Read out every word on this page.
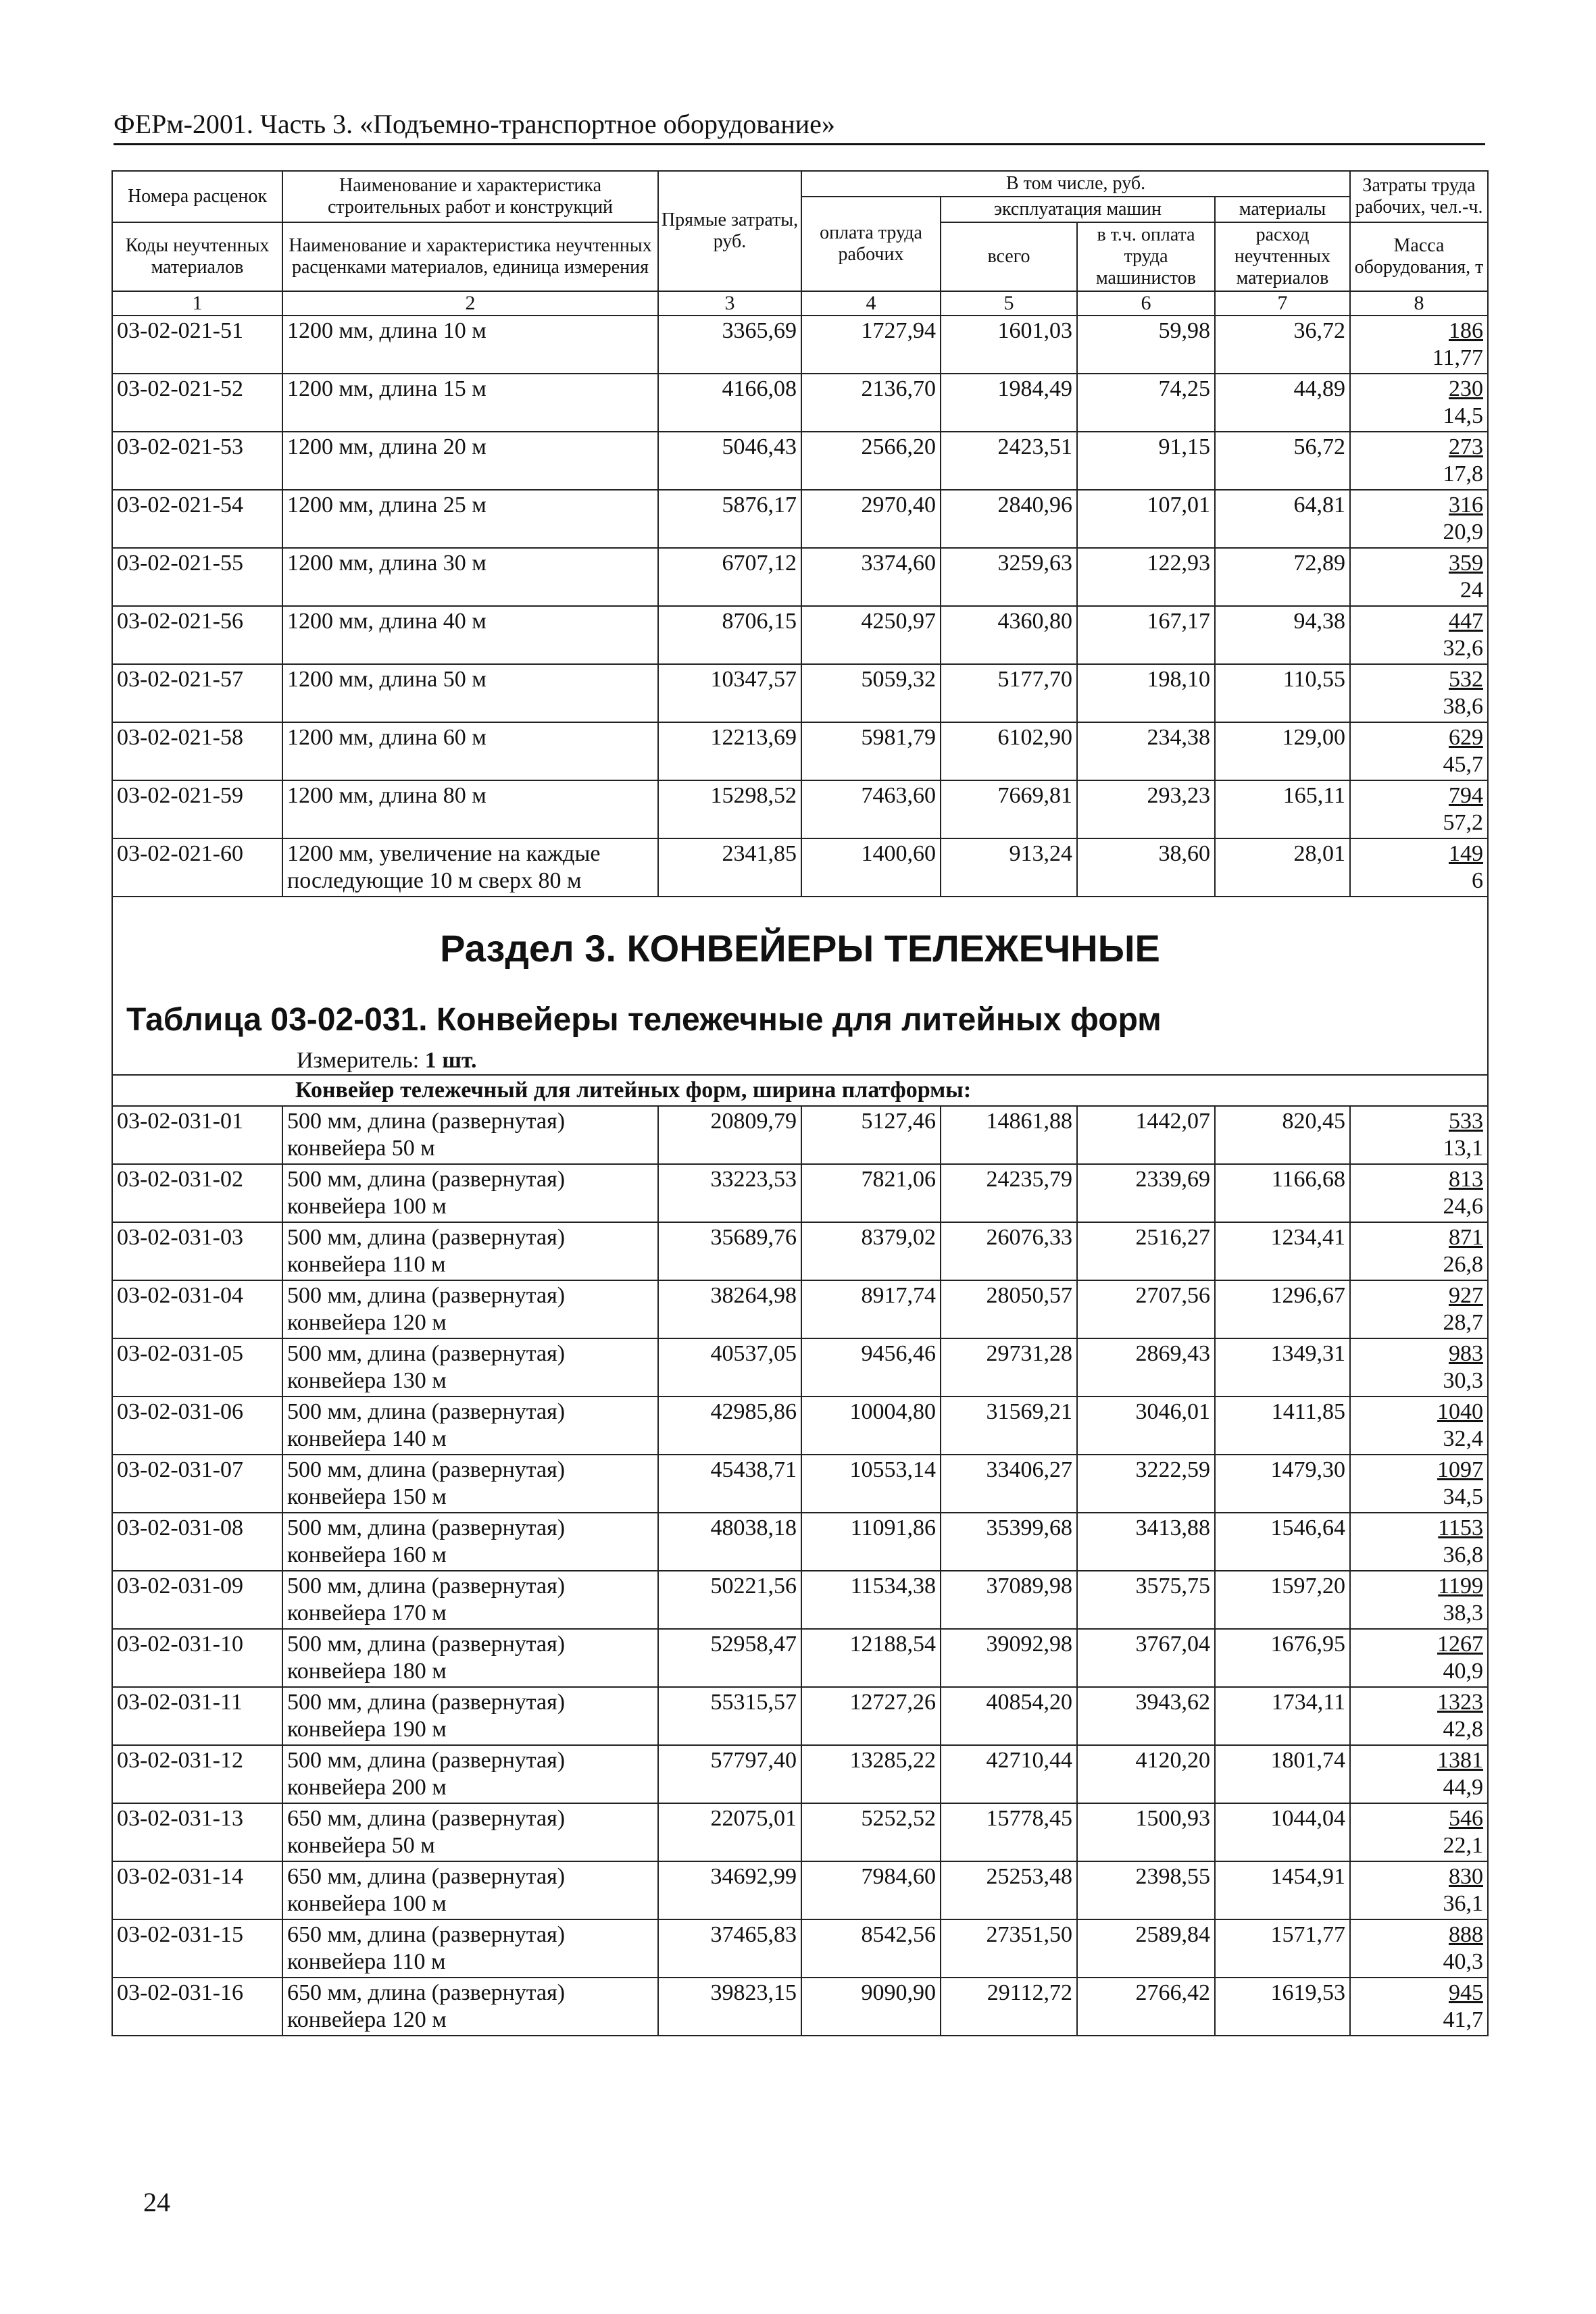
ФЕРм-2001. Часть 3. «Подъемно-транспортное оборудование»
Номера расценок	Наименование и характеристика строительных работ и конструкций	Прямые затраты, руб.	В том числе, руб.				Затраты труда рабочих, чел.-ч.
			оплата труда рабочих	эксплуатация машин		материалы	
Коды неучтенных материалов	Наименование и характеристика неучтенных расценками материалов, единица измерения			всего	в т.ч. оплата труда машинистов	расход неучтенных материалов	
							Масса оборудования, т
1	2	3	4	5	6	7	8
03-02-021-51	1200 мм, длина 10 м	3365,69	1727,94	1601,03	59,98	36,72	186
11,77

03-02-021-52	1200 мм, длина 15 м	4166,08	2136,70	1984,49	74,25	44,89	230
14,5

03-02-021-53	1200 мм, длина 20 м	5046,43	2566,20	2423,51	91,15	56,72	273
17,8

03-02-021-54	1200 мм, длина 25 м	5876,17	2970,40	2840,96	107,01	64,81	316
20,9

03-02-021-55	1200 мм, длина 30 м	6707,12	3374,60	3259,63	122,93	72,89	359
24

03-02-021-56	1200 мм, длина 40 м	8706,15	4250,97	4360,80	167,17	94,38	447
32,6

03-02-021-57	1200 мм, длина 50 м	10347,57	5059,32	5177,70	198,10	110,55	532
38,6

03-02-021-58	1200 мм, длина 60 м	12213,69	5981,79	6102,90	234,38	129,00	629
45,7

03-02-021-59	1200 мм, длина 80 м	15298,52	7463,60	7669,81	293,23	165,11	794
57,2

03-02-021-60	1200 мм, увеличение на каждые последующие 10 м сверх 80 м	2341,85	1400,60	913,24	38,60	28,01	149
6

Раздел 3. КОНВЕЙЕРЫ ТЕЛЕЖЕЧНЫЕ
Таблица 03-02-031. Конвейеры тележечные для литейных форм
Измеритель: 1 шт.							

Конвейер тележечный для литейных форм, ширина платформы:							
03-02-031-01	500 мм, длина (развернутая) конвейера 50 м	20809,79	5127,46	14861,88	1442,07	820,45	533
13,1

03-02-031-02	500 мм, длина (развернутая) конвейера 100 м	33223,53	7821,06	24235,79	2339,69	1166,68	813
24,6

03-02-031-03	500 мм, длина (развернутая) конвейера 110 м	35689,76	8379,02	26076,33	2516,27	1234,41	871
26,8

03-02-031-04	500 мм, длина (развернутая) конвейера 120 м	38264,98	8917,74	28050,57	2707,56	1296,67	927
28,7

03-02-031-05	500 мм, длина (развернутая) конвейера 130 м	40537,05	9456,46	29731,28	2869,43	1349,31	983
30,3

03-02-031-06	500 мм, длина (развернутая) конвейера 140 м	42985,86	10004,80	31569,21	3046,01	1411,85	1040
32,4

03-02-031-07	500 мм, длина (развернутая) конвейера 150 м	45438,71	10553,14	33406,27	3222,59	1479,30	1097
34,5

03-02-031-08	500 мм, длина (развернутая) конвейера 160 м	48038,18	11091,86	35399,68	3413,88	1546,64	1153
36,8

03-02-031-09	500 мм, длина (развернутая) конвейера 170 м	50221,56	11534,38	37089,98	3575,75	1597,20	1199
38,3

03-02-031-10	500 мм, длина (развернутая) конвейера 180 м	52958,47	12188,54	39092,98	3767,04	1676,95	1267
40,9

03-02-031-11	500 мм, длина (развернутая) конвейера 190 м	55315,57	12727,26	40854,20	3943,62	1734,11	1323
42,8

03-02-031-12	500 мм, длина (развернутая) конвейера 200 м	57797,40	13285,22	42710,44	4120,20	1801,74	1381
44,9

03-02-031-13	650 мм, длина (развернутая) конвейера 50 м	22075,01	5252,52	15778,45	1500,93	1044,04	546
22,1

03-02-031-14	650 мм, длина (развернутая) конвейера 100 м	34692,99	7984,60	25253,48	2398,55	1454,91	830
36,1

03-02-031-15	650 мм, длина (развернутая) конвейера 110 м	37465,83	8542,56	27351,50	2589,84	1571,77	888
40,3

03-02-031-16	650 мм, длина (развернутая) конвейера 120 м	39823,15	9090,90	29112,72	2766,42	1619,53	945
41,7
24
